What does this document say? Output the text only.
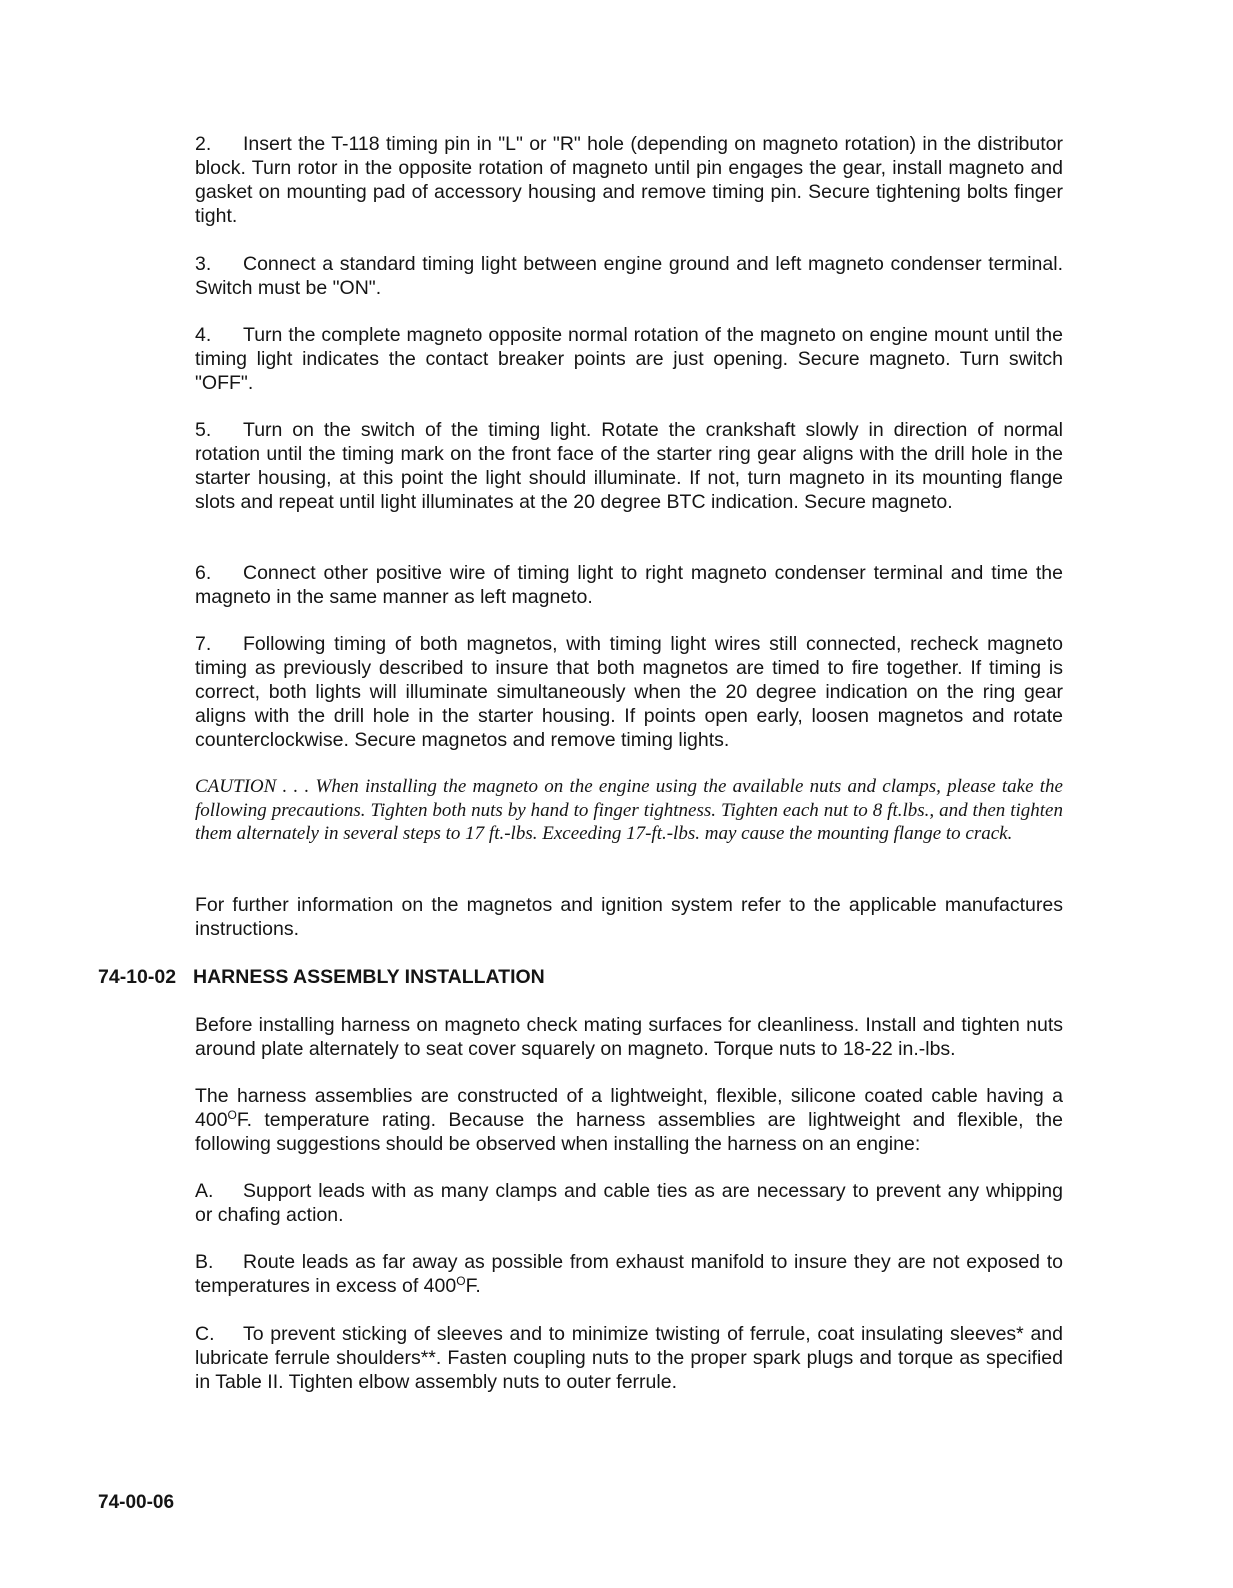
2. Insert the T-118 timing pin in "L" or "R" hole (depending on magneto rotation) in the distributor block. Turn rotor in the opposite rotation of magneto until pin engages the gear, install magneto and gasket on mounting pad of accessory housing and remove timing pin. Secure tightening bolts finger tight.

3. Connect a standard timing light between engine ground and left magneto condenser terminal. Switch must be "ON".

4. Turn the complete magneto opposite normal rotation of the magneto on engine mount until the timing light indicates the contact breaker points are just opening. Secure magneto. Turn switch "OFF".

5. Turn on the switch of the timing light. Rotate the crankshaft slowly in direction of normal rotation until the timing mark on the front face of the starter ring gear aligns with the drill hole in the starter housing, at this point the light should illuminate. If not, turn magneto in its mounting flange slots and repeat until light illuminates at the 20 degree BTC indication. Secure magneto.

6. Connect other positive wire of timing light to right magneto condenser terminal and time the magneto in the same manner as left magneto.

7. Following timing of both magnetos, with timing light wires still connected, recheck magneto timing as previously described to insure that both magnetos are timed to fire together. If timing is correct, both lights will illuminate simultaneously when the 20 degree indication on the ring gear aligns with the drill hole in the starter housing. If points open early, loosen magnetos and rotate counterclockwise. Secure magnetos and remove timing lights.

CAUTION . . . When installing the magneto on the engine using the available nuts and clamps, please take the following precautions. Tighten both nuts by hand to finger tightness. Tighten each nut to 8 ft.lbs., and then tighten them alternately in several steps to 17 ft.-lbs. Exceeding 17-ft.-lbs. may cause the mounting flange to crack.

For further information on the magnetos and ignition system refer to the applicable manufactures instructions.

74-10-02 HARNESS ASSEMBLY INSTALLATION

Before installing harness on magneto check mating surfaces for cleanliness. Install and tighten nuts around plate alternately to seat cover squarely on magneto. Torque nuts to 18-22 in.-lbs.

The harness assemblies are constructed of a lightweight, flexible, silicone coated cable having a $400^OF$. temperature rating. Because the harness assemblies are lightweight and flexible, the following suggestions should be observed when installing the harness on an engine:

A. Support leads with as many clamps and cable ties as are necessary to prevent any whipping or chafing action.

B. Route leads as far away as possible from exhaust manifold to insure they are not exposed to temperatures in excess of $400^OF$.

C. To prevent sticking of sleeves and to minimize twisting of ferrule, coat insulating sleeves* and lubricate ferrule shoulders**. Fasten coupling nuts to the proper spark plugs and torque as specified in Table II. Tighten elbow assembly nuts to outer ferrule.

74-00-06
